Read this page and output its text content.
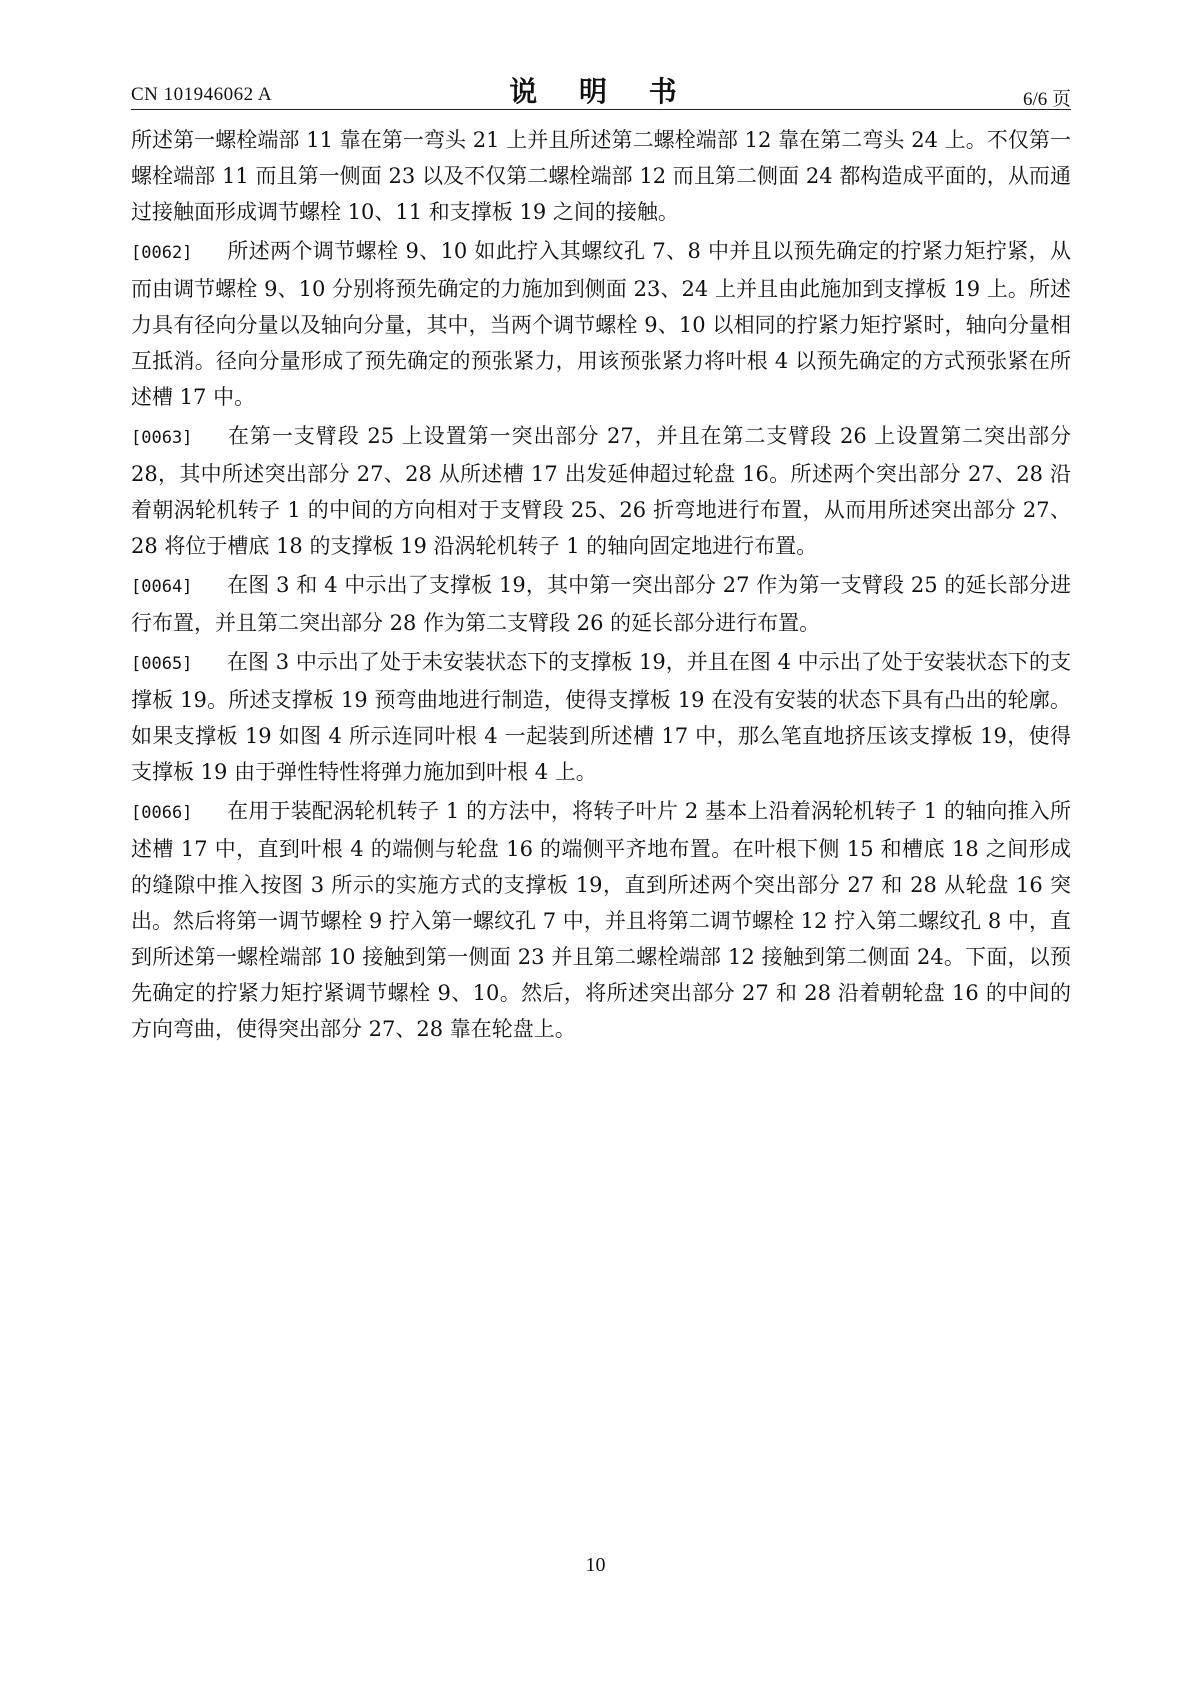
CN 101946062 A	说 明 书	6/6 页

所述第一螺栓端部 11 靠在第一弯头 21 上并且所述第二螺栓端部 12 靠在第二弯头 24 上。不仅第一螺栓端部 11 而且第一侧面 23 以及不仅第二螺栓端部 12 而且第二侧面 24 都构造成平面的，从而通过接触面形成调节螺栓 10、11 和支撑板 19 之间的接触。

[0062] 所述两个调节螺栓 9、10 如此拧入其螺纹孔 7、8 中并且以预先确定的拧紧力矩拧紧，从而由调节螺栓 9、10 分别将预先确定的力施加到侧面 23、24 上并且由此施加到支撑板 19 上。所述力具有径向分量以及轴向分量，其中，当两个调节螺栓 9、10 以相同的拧紧力矩拧紧时，轴向分量相互抵消。径向分量形成了预先确定的预张紧力，用该预张紧力将叶根 4 以预先确定的方式预张紧在所述槽 17 中。

[0063] 在第一支臂段 25 上设置第一突出部分 27，并且在第二支臂段 26 上设置第二突出部分 28，其中所述突出部分 27、28 从所述槽 17 出发延伸超过轮盘 16。所述两个突出部分 27、28 沿着朝涡轮机转子 1 的中间的方向相对于支臂段 25、26 折弯地进行布置，从而用所述突出部分 27、28 将位于槽底 18 的支撑板 19 沿涡轮机转子 1 的轴向固定地进行布置。

[0064] 在图 3 和 4 中示出了支撑板 19，其中第一突出部分 27 作为第一支臂段 25 的延长部分进行布置，并且第二突出部分 28 作为第二支臂段 26 的延长部分进行布置。

[0065] 在图 3 中示出了处于未安装状态下的支撑板 19，并且在图 4 中示出了处于安装状态下的支撑板 19。所述支撑板 19 预弯曲地进行制造，使得支撑板 19 在没有安装的状态下具有凸出的轮廓。如果支撑板 19 如图 4 所示连同叶根 4 一起装到所述槽 17 中，那么笔直地挤压该支撑板 19，使得支撑板 19 由于弹性特性将弹力施加到叶根 4 上。

[0066] 在用于装配涡轮机转子 1 的方法中，将转子叶片 2 基本上沿着涡轮机转子 1 的轴向推入所述槽 17 中，直到叶根 4 的端侧与轮盘 16 的端侧平齐地布置。在叶根下侧 15 和槽底 18 之间形成的缝隙中推入按图 3 所示的实施方式的支撑板 19，直到所述两个突出部分 27 和 28 从轮盘 16 突出。然后将第一调节螺栓 9 拧入第一螺纹孔 7 中，并且将第二调节螺栓 12 拧入第二螺纹孔 8 中，直到所述第一螺栓端部 10 接触到第一侧面 23 并且第二螺栓端部 12 接触到第二侧面 24。下面，以预先确定的拧紧力矩拧紧调节螺栓 9、10。然后，将所述突出部分 27 和 28 沿着朝轮盘 16 的中间的方向弯曲，使得突出部分 27、28 靠在轮盘上。

10
